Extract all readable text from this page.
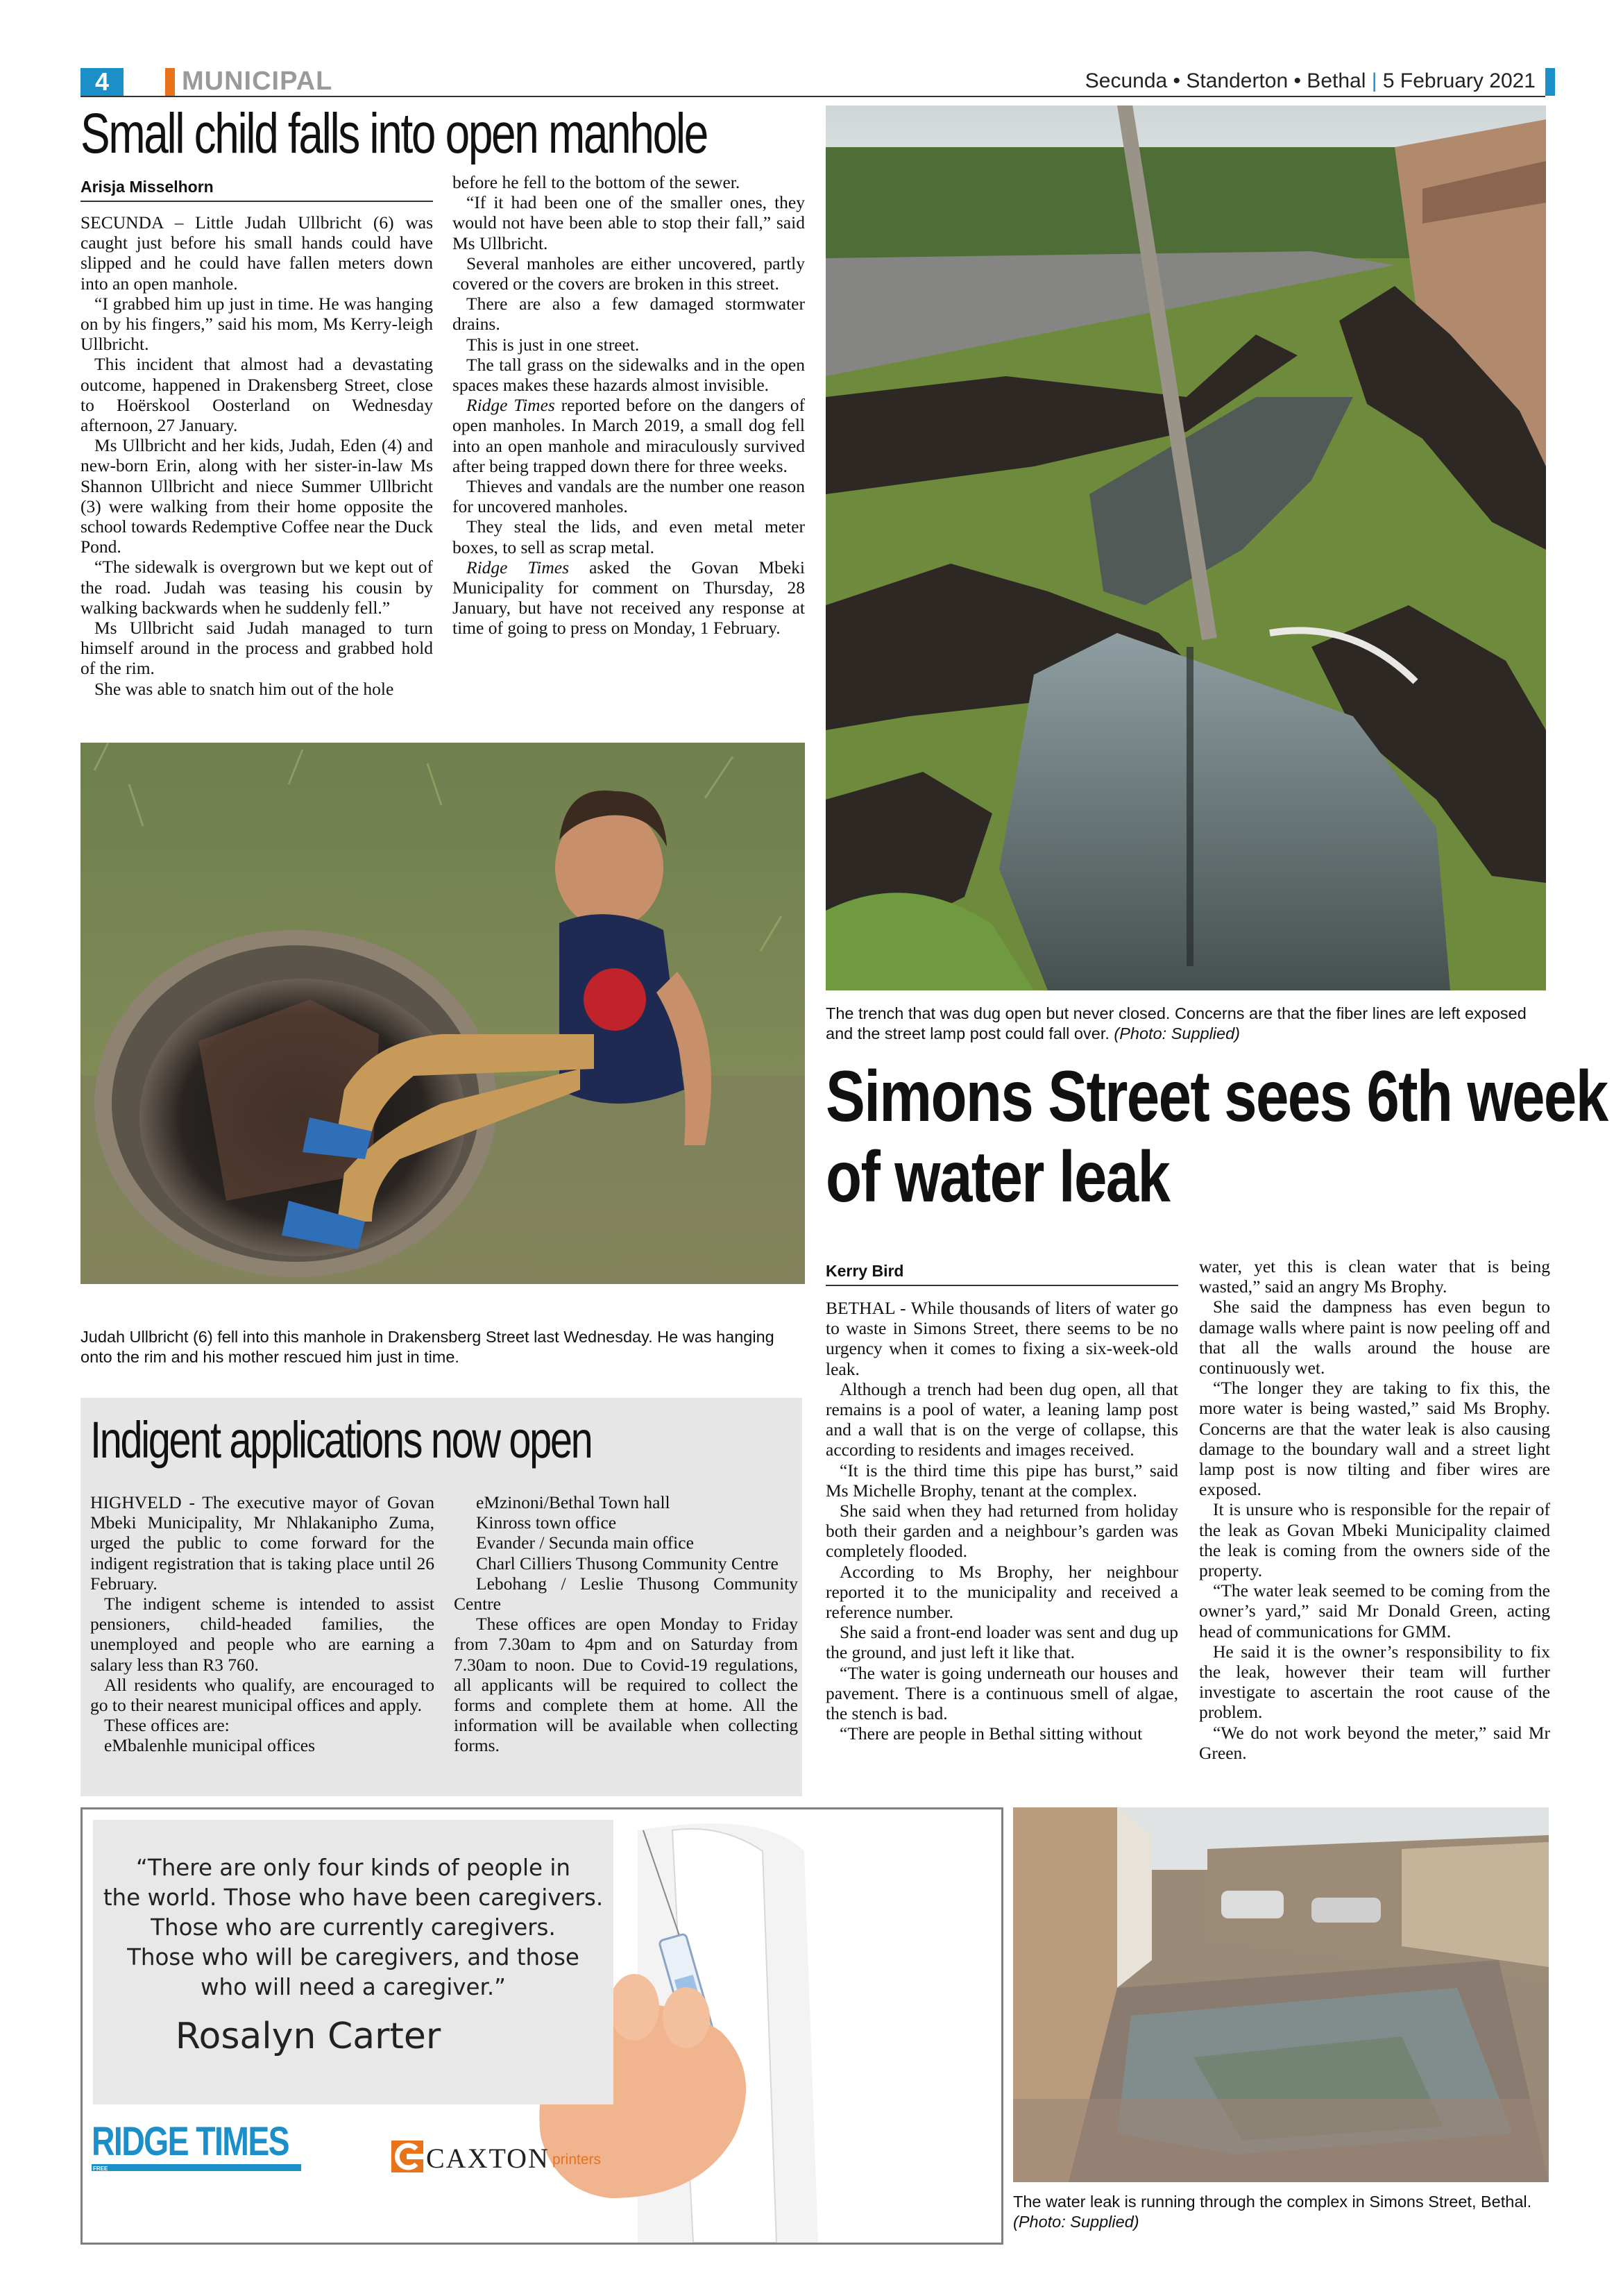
4	MUNICIPAL	Secunda • Standerton • Bethal | 5 February 2021
Small child falls into open manhole
Arisja Misselhorn

SECUNDA – Little Judah Ullbricht (6) was caught just before his small hands could have slipped and he could have fallen meters down into an open manhole.

“I grabbed him up just in time. He was hanging on by his fingers,” said his mom, Ms Kerry-leigh Ullbricht.

This incident that almost had a devastating outcome, happened in Drakensberg Street, close to Hoërskool Oosterland on Wednesday afternoon, 27 January.

Ms Ullbricht and her kids, Judah, Eden (4) and new-born Erin, along with her sister-in-law Ms Shannon Ullbricht and niece Summer Ullbricht (3) were walking from their home opposite the school towards Redemptive Coffee near the Duck Pond.

“The sidewalk is overgrown but we kept out of the road. Judah was teasing his cousin by walking backwards when he suddenly fell.”

Ms Ullbricht said Judah managed to turn himself around in the process and grabbed hold of the rim.

She was able to snatch him out of the hole

before he fell to the bottom of the sewer.

“If it had been one of the smaller ones, they would not have been able to stop their fall,” said Ms Ullbricht.

Several manholes are either uncovered, partly covered or the covers are broken in this street.

There are also a few damaged stormwater drains.

This is just in one street.

The tall grass on the sidewalks and in the open spaces makes these hazards almost invisible.

Ridge Times reported before on the dangers of open manholes. In March 2019, a small dog fell into an open manhole and miraculously survived after being trapped down there for three weeks.

Thieves and vandals are the number one reason for uncovered manholes.

They steal the lids, and even metal meter boxes, to sell as scrap metal.

Ridge Times asked the Govan Mbeki Municipality for comment on Thursday, 28 January, but have not received any response at time of going to press on Monday, 1 February.

Judah Ullbricht (6) fell into this manhole in Drakensberg Street last Wednesday. He was hanging onto the rim and his mother rescued him just in time.
The trench that was dug open but never closed. Concerns are that the fiber lines are left exposed and the street lamp post could fall over. (Photo: Supplied)
Simons Street sees 6th week of water leak
Kerry Bird

BETHAL - While thousands of liters of water go to waste in Simons Street, there seems to be no urgency when it comes to fixing a six-week-old leak.

Although a trench had been dug open, all that remains is a pool of water, a leaning lamp post and a wall that is on the verge of collapse, this according to residents and images received.

“It is the third time this pipe has burst,” said Ms Michelle Brophy, tenant at the complex.

She said when they had returned from holiday both their garden and a neighbour’s garden was completely flooded.

According to Ms Brophy, her neighbour reported it to the municipality and received a reference number.

She said a front-end loader was sent and dug up the ground, and just left it like that.

“The water is going underneath our houses and pavement. There is a continuous smell of algae, the stench is bad.

“There are people in Bethal sitting without

water, yet this is clean water that is being wasted,” said an angry Ms Brophy.

She said the dampness has even begun to damage walls where paint is now peeling off and that all the walls around the house are continuously wet.

“The longer they are taking to fix this, the more water is being wasted,” said Ms Brophy. Concerns are that the water leak is also causing damage to the boundary wall and a street light lamp post is now tilting and fiber wires are exposed.

It is unsure who is responsible for the repair of the leak as Govan Mbeki Municipality claimed the leak is coming from the owners side of the property.

“The water leak seemed to be coming from the owner’s yard,” said Mr Donald Green, acting head of communications for GMM.

He said it is the owner’s responsibility to fix the leak, however their team will further investigate to ascertain the root cause of the problem.

“We do not work beyond the meter,” said Mr Green.

The water leak is running through the complex in Simons Street, Bethal. (Photo: Supplied)
Indigent applications now open

HIGHVELD - The executive mayor of Govan Mbeki Municipality, Mr Nhlakanipho Zuma, urged the public to come forward for the indigent registration that is taking place until 26 February.

The indigent scheme is intended to assist pensioners, child-headed families, the unemployed and people who are earning a salary less than R3 760.

All residents who qualify, are encouraged to go to their nearest municipal offices and apply.

These offices are:

eMbalenhle municipal offices

eMzinoni/Bethal Town hall

Kinross town office

Evander / Secunda main office

Charl Cilliers Thusong Community Centre

Lebohang / Leslie Thusong Community Centre

These offices are open Monday to Friday from 7.30am to 4pm and on Saturday from 7.30am to noon. Due to Covid-19 regulations, all applicants will be required to collect the forms and complete them at home. All the information will be available when collecting forms.

“There are only four kinds of people in
the world. Those who have been caregivers.
Those who are currently caregivers.
Those who will be caregivers, and those
who will need a caregiver.”
Rosalyn Carter
RIDGE TIMES
FREE	CAXTON printers
